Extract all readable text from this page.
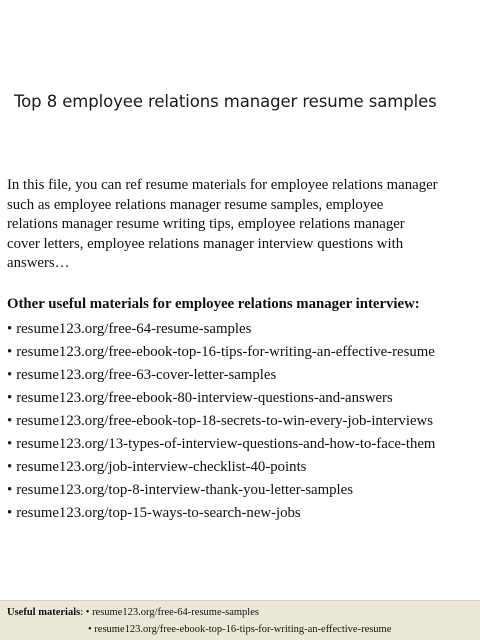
Top 8 employee relations manager resume samples
In this file, you can ref resume materials for employee relations manager
such as employee relations manager resume samples, employee
relations manager resume writing tips, employee relations manager
cover letters, employee relations manager interview questions with
answers…
Other useful materials for employee relations manager interview:
• resume123.org/free-64-resume-samples
• resume123.org/free-ebook-top-16-tips-for-writing-an-effective-resume
• resume123.org/free-63-cover-letter-samples
• resume123.org/free-ebook-80-interview-questions-and-answers
• resume123.org/free-ebook-top-18-secrets-to-win-every-job-interviews
• resume123.org/13-types-of-interview-questions-and-how-to-face-them
• resume123.org/job-interview-checklist-40-points
• resume123.org/top-8-interview-thank-you-letter-samples
• resume123.org/top-15-ways-to-search-new-jobs
Useful materials: • resume123.org/free-64-resume-samples
• resume123.org/free-ebook-top-16-tips-for-writing-an-effective-resume
